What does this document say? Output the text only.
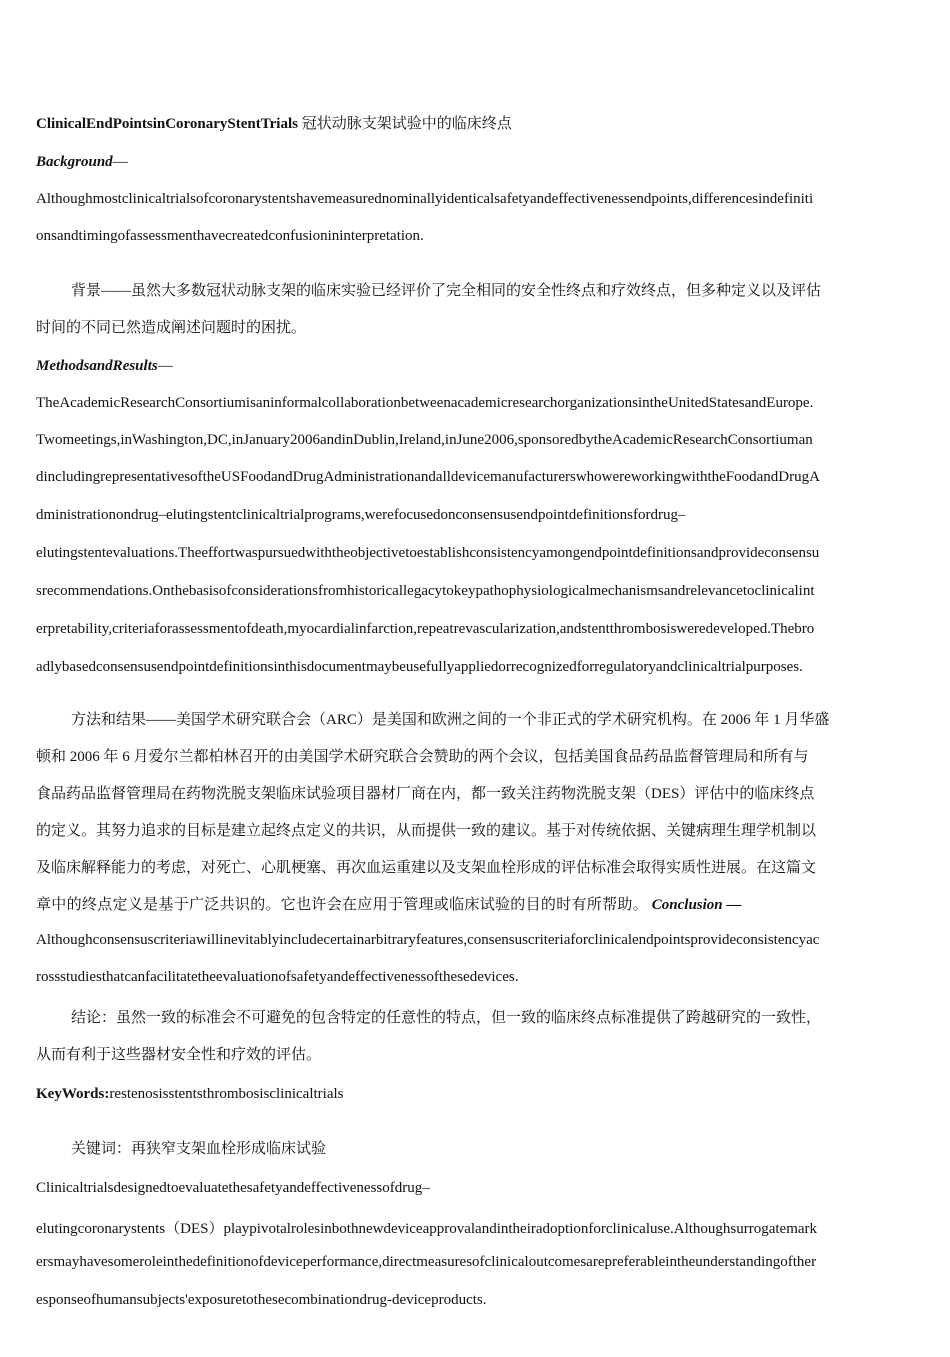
ClinicalEndPointsinCoronaryStentTrials 冠状动脉支架试验中的临床终点
Background—
Althoughmostclinicaltrialsofcoronarystentshavemeasurednominallyidenticalsafetyandeffectivenessendpoints,differencesindefiniti
onsandtimingofassessmenthavecreatedconfusionininterpretation.
背景——虽然大多数冠状动脉支架的临床实验已经评价了完全相同的安全性终点和疗效终点，但多种定义以及评估
时间的不同已然造成阐述问题时的困扰。
MethodsandResults—
TheAcademicResearchConsortiumisaninformalcollaborationbetweenacademicresearchorganizationsintheUnitedStatesandEurope.
Twomeetings,inWashington,DC,inJanuary2006andinDublin,Ireland,inJune2006,sponsoredbytheAcademicResearchConsortiuman
dincludingrepresentativesoftheUSFoodandDrugAdministrationandalldevicemanufacturerswhowereworkingwiththeFoodandDrugA
dministrationondrug–elutingstentclinicaltrialprograms,werefocusedonconsensusendpointdefinitionsfordrug–
elutingstentevaluations.Theeffortwaspursuedwiththeobjectivetoestablishconsistencyamongendpointdefinitionsandprovideconsensu
srecommendations.Onthebasisofconsiderationsfromhistoricallegacytokeypathophysiologicalmechanismsandrelevancetoclinicalint
erpretability,criteriaforassessmentofdeath,myocardialinfarction,repeatrevascularization,andstentthrombosisweredeveloped.Thebro
adlybasedconsensusendpointdefinitionsinthisdocumentmaybeusefullyappliedorrecognizedforregulatoryandclinicaltrialpurposes.
方法和结果——美国学术研究联合会（ARC）是美国和欧洲之间的一个非正式的学术研究机构。在 2006 年 1 月华盛
顿和 2006 年 6 月爱尔兰都柏林召开的由美国学术研究联合会赞助的两个会议，包括美国食品药品监督管理局和所有与
食品药品监督管理局在药物洗脱支架临床试验项目器材厂商在内，都一致关注药物洗脱支架（DES）评估中的临床终点
的定义。其努力追求的目标是建立起终点定义的共识，从而提供一致的建议。基于对传统依据、关键病理生理学机制以
及临床解释能力的考虑，对死亡、心肌梗塞、再次血运重建以及支架血栓形成的评估标准会取得实质性进展。在这篇文
章中的终点定义是基于广泛共识的。它也许会在应用于管理或临床试验的目的时有所帮助。 Conclusion —
Althoughconsensuscriteriawillinevitablyincludecertainarbitraryfeatures,consensuscriteriaforclinicalendpointsprovideconsistencyac
rossstudiesthatcanfacilitatetheevaluationofsafetyandeffectivenessofthesedevices.
结论：虽然一致的标准会不可避免的包含特定的任意性的特点，但一致的临床终点标准提供了跨越研究的一致性，
从而有利于这些器材安全性和疗效的评估。
KeyWords:restenosisstentsthrombosisclinicaltrials
关键词：再狭窄支架血栓形成临床试验
Clinicaltrialsdesignedtoevaluatethesafetyandeffectivenessofdrug–
elutingcoronarystents（DES）playpivotalrolesinbothnewdeviceapprovalandintheiradoptionforclinicaluse.Althoughsurrogatemark
ersmayhavesomeroleinthedefinitionofdeviceperformance,directmeasuresofclinicaloutcomesarepreferableintheunderstandingofther
esponseofhumansubjects'exposuretothesecombinationdrug-deviceproducts.
